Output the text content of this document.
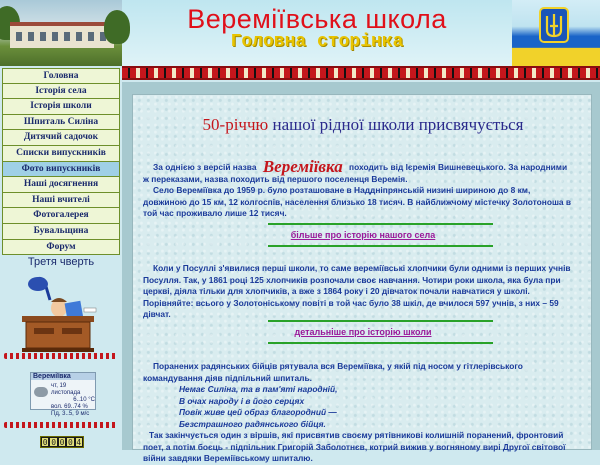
Вереміївська школа
Головна сторінка
Головна
Історія села
Історія школи
Шпиталь Силіна
Дитячий садочок
Списки випускників
Фото випускників
Наші досягнення
Наші вчителі
Фотогалерея
Бувальщина
Форум
Третя чверть
Вереміївка
чт, 19 листопада
6..10 °C
вол. 69..74 %
Пд, 3..5, 9 м/с
0 0 0 0 4
50-річчю нашої рідної школи присвячується
За однією з версій назва Вереміївка походить від Ієремія Вишневецького. За народними ж переказами, назва походить від першого поселенця Веремія.
Село Вереміївка до 1959 р. було розташоване в Наддніпрянській низині шириною до 8 км, довжиною до 15 км, 12 колгоспів, населення близько 18 тисяч. В найближчому містечку Золотоноша в той час проживало лише 12 тисяч.
більше про історію нашого села
Коли у Посуллі з'явилися перші школи, то саме вереміївські хлопчики були одними із перших учнів Посулля. Так, у 1861 році 125 хлопчиків розпочали своє навчання. Чотири роки школа, яка була при церкві, діяла тільки для хлопчиків, а вже з 1864 року і 20 дівчаток почали навчатися у школі. Порівняйте: всього у Золотоніському повіті в той час було 38 шкіл, де вчилося 597 учнів, з них – 59 дівчат.
детальніше про історію школи
Поранених радянських бійців рятувала вся Вереміївка, у якій під носом у гітлерівського командування діяв підпільний шпиталь.
Немає Силіна, та в пам'яті народній,
В очах народу і в його серцях
Повік живе цей образ благородний —
Безстрашного радянського бійця.
Так закінчується один з віршів, які присвятив своєму рятівникові колишній поранений, фронтовий поет, а потім боєць - підпільник Григорій Заболотнєв, котрий вижив у вогняному вирі Другої світової війни завдяки Вереміївському шпиталю.
